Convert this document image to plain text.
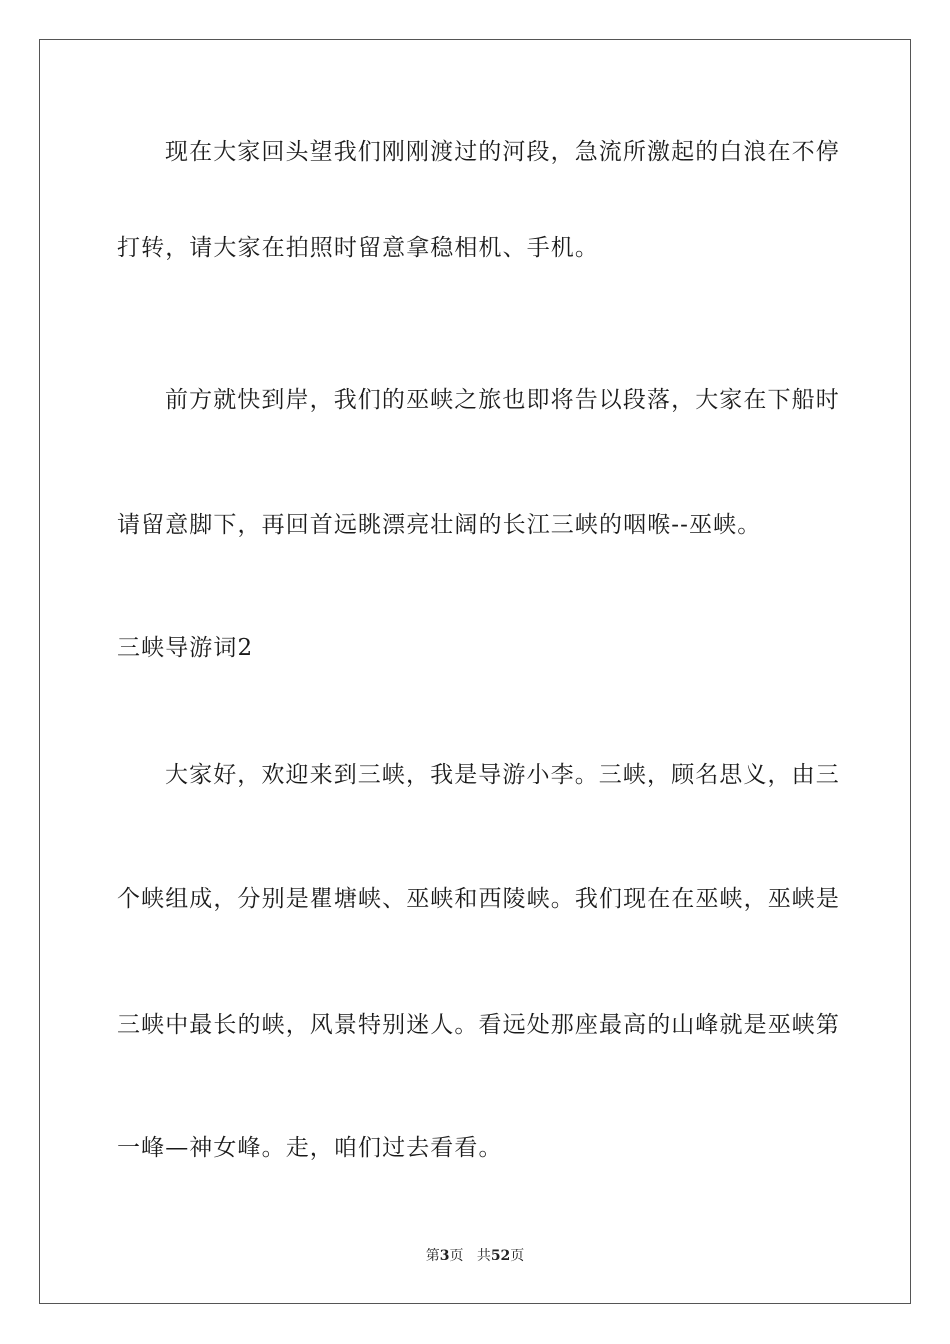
现在大家回头望我们刚刚渡过的河段，急流所激起的白浪在不停
打转，请大家在拍照时留意拿稳相机、手机。
前方就快到岸，我们的巫峡之旅也即将告以段落，大家在下船时
请留意脚下，再回首远眺漂亮壮阔的长江三峡的咽喉--巫峡。
三峡导游词2
大家好，欢迎来到三峡，我是导游小李。三峡，顾名思义，由三
个峡组成，分别是瞿塘峡、巫峡和西陵峡。我们现在在巫峡，巫峡是
三峡中最长的峡，风景特别迷人。看远处那座最高的山峰就是巫峡第
一峰—神女峰。走，咱们过去看看。
第3页 共52页
